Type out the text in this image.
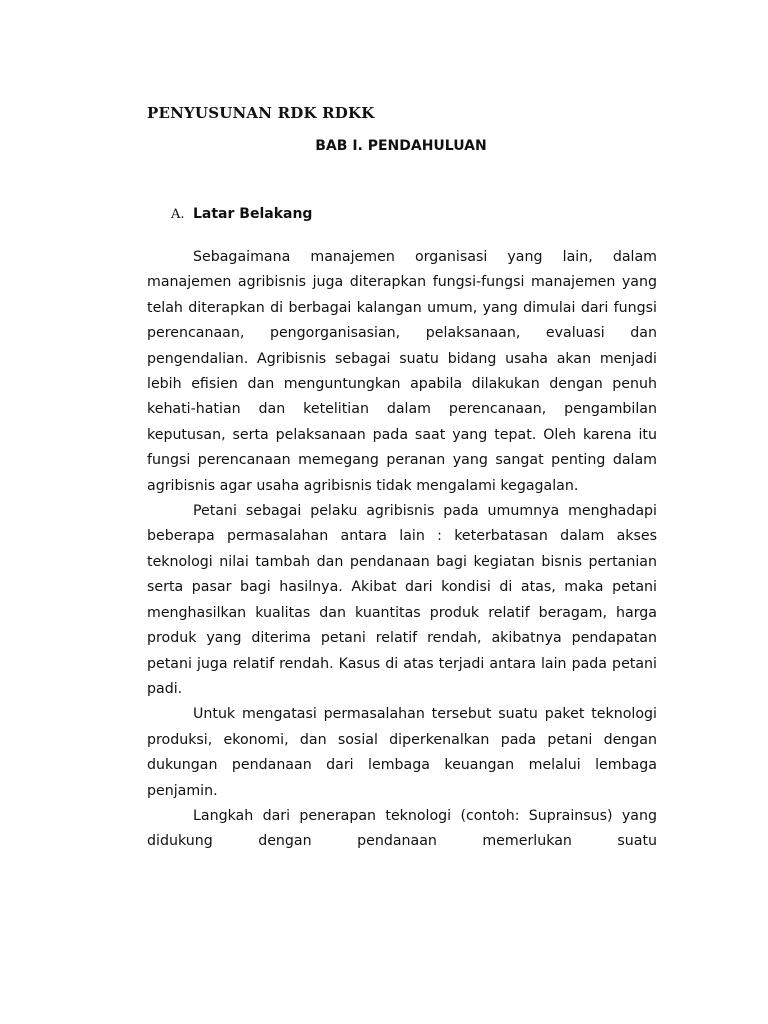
PENYUSUNAN RDK RDKK
BAB I. PENDAHULUAN
A. Latar Belakang

Sebagaimana manajemen organisasi yang lain, dalam manajemen agribisnis juga diterapkan fungsi-fungsi manajemen yang telah diterapkan di berbagai kalangan umum, yang dimulai dari fungsi perencanaan, pengorganisasian, pelaksanaan, evaluasi dan pengendalian. Agribisnis sebagai suatu bidang usaha akan menjadi lebih efisien dan menguntungkan apabila dilakukan dengan penuh kehati-hatian dan ketelitian dalam perencanaan, pengambilan keputusan, serta pelaksanaan pada saat yang tepat. Oleh karena itu fungsi perencanaan memegang peranan yang sangat penting dalam agribisnis agar usaha agribisnis tidak mengalami kegagalan.

Petani sebagai pelaku agribisnis pada umumnya menghadapi beberapa permasalahan antara lain : keterbatasan dalam akses teknologi nilai tambah dan pendanaan bagi kegiatan bisnis pertanian serta pasar bagi hasilnya. Akibat dari kondisi di atas, maka petani menghasilkan kualitas dan kuantitas produk relatif beragam, harga produk yang diterima petani relatif rendah, akibatnya pendapatan petani juga relatif rendah. Kasus di atas terjadi antara lain pada petani padi.

Untuk mengatasi permasalahan tersebut suatu paket teknologi produksi, ekonomi, dan sosial diperkenalkan pada petani dengan dukungan pendanaan dari lembaga keuangan melalui lembaga penjamin.

Langkah dari penerapan teknologi (contoh: Suprainsus) yang didukung dengan pendanaan memerlukan suatu
